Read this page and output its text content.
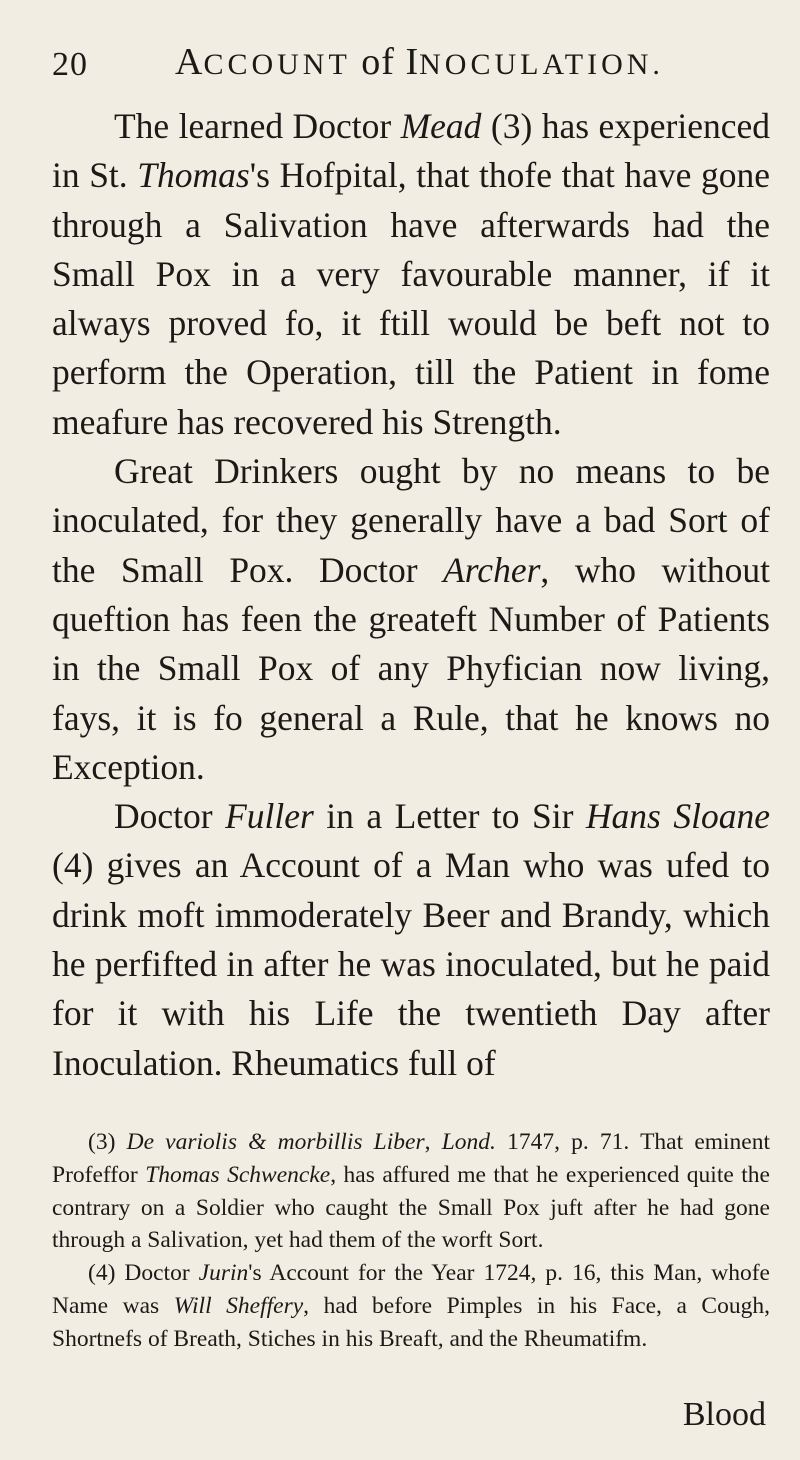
20 ACCOUNT of INOCULATION.

The learned Doctor Mead (3) has experienced in St. Thomas's Hofpital, that thofe that have gone through a Salivation have afterwards had the Small Pox in a very favourable manner, if it always proved fo, it ftill would be beft not to perform the Operation, till the Patient in fome meafure has recovered his Strength.

Great Drinkers ought by no means to be inoculated, for they generally have a bad Sort of the Small Pox. Doctor Archer, who without queftion has feen the greateft Number of Patients in the Small Pox of any Phyfician now living, fays, it is fo general a Rule, that he knows no Exception.

Doctor Fuller in a Letter to Sir Hans Sloane (4) gives an Account of a Man who was ufed to drink moft immoderately Beer and Brandy, which he perfifted in after he was inoculated, but he paid for it with his Life the twentieth Day after Inoculation. Rheumatics full of

(3) De variolis & morbillis Liber, Lond. 1747, p. 71. That eminent Profeffor Thomas Schwencke, has affured me that he experienced quite the contrary on a Soldier who caught the Small Pox juft after he had gone through a Salivation, yet had them of the worft Sort.

(4) Doctor Jurin's Account for the Year 1724, p. 16, this Man, whofe Name was Will Sheffery, had before Pimples in his Face, a Cough, Shortnefs of Breath, Stiches in his Breaft, and the Rheumatifm.

Blood
